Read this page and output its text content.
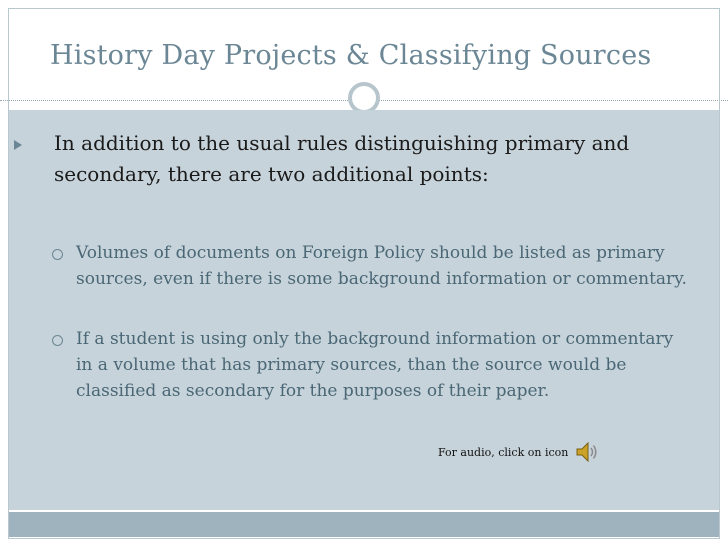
History Day Projects & Classifying Sources
In addition to the usual rules distinguishing primary and secondary, there are two additional points:
Volumes of documents on Foreign Policy should be listed as primary sources, even if there is some background information or commentary.
If a student is using only the background information or commentary in a volume that has primary sources, than the source would be classified as secondary for the purposes of their paper.
For audio, click on icon
